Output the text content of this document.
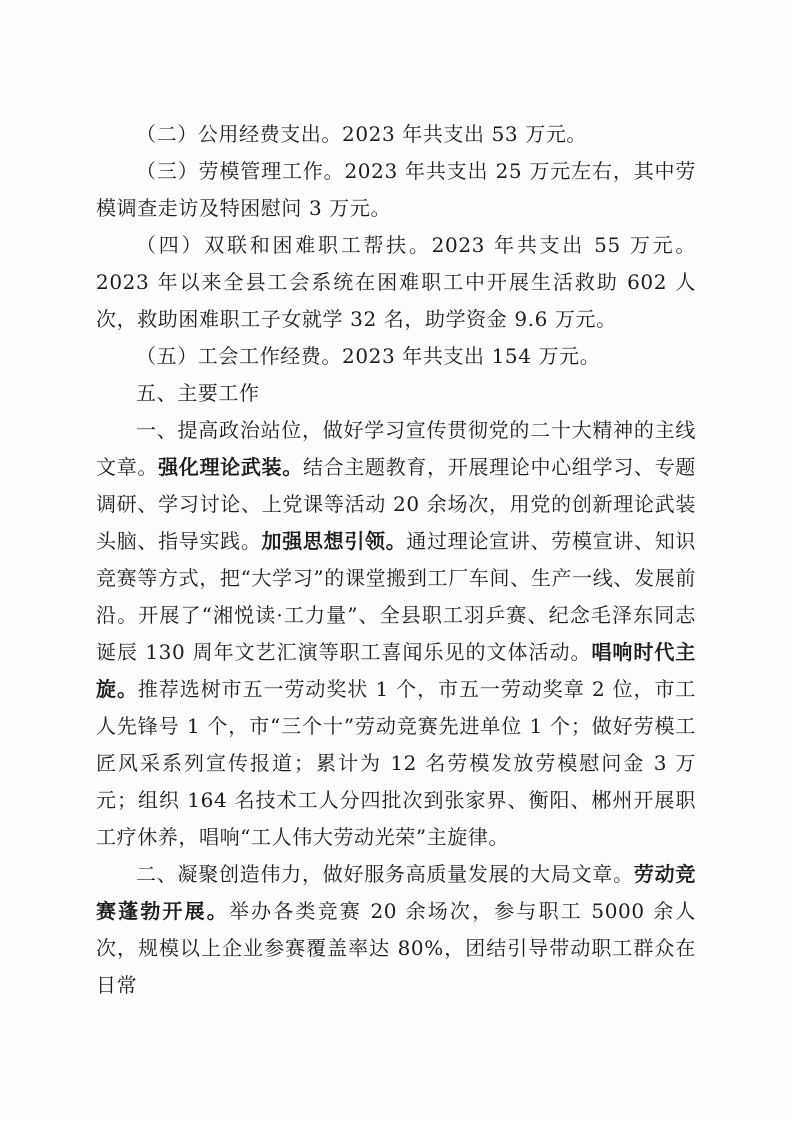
（二）公用经费支出。2023 年共支出 53 万元。

（三）劳模管理工作。2023 年共支出 25 万元左右，其中劳模调查走访及特困慰问 3 万元。

（四）双联和困难职工帮扶。2023 年共支出 55 万元。2023 年以来全县工会系统在困难职工中开展生活救助 602 人次，救助困难职工子女就学 32 名，助学资金 9.6 万元。

（五）工会工作经费。2023 年共支出 154 万元。

五、主要工作

一、提高政治站位，做好学习宣传贯彻党的二十大精神的主线文章。强化理论武装。结合主题教育，开展理论中心组学习、专题调研、学习讨论、上党课等活动 20 余场次，用党的创新理论武装头脑、指导实践。加强思想引领。通过理论宣讲、劳模宣讲、知识竞赛等方式，把“大学习”的课堂搬到工厂车间、生产一线、发展前沿。开展了“湘悦读·工力量”、全县职工羽乒赛、纪念毛泽东同志诞辰 130 周年文艺汇演等职工喜闻乐见的文体活动。唱响时代主旋。推荐选树市五一劳动奖状 1 个，市五一劳动奖章 2 位，市工人先锋号 1 个，市“三个十”劳动竞赛先进单位 1 个；做好劳模工匠风采系列宣传报道；累计为 12 名劳模发放劳模慰问金 3 万元；组织 164 名技术工人分四批次到张家界、衡阳、郴州开展职工疗休养，唱响“工人伟大劳动光荣”主旋律。

二、凝聚创造伟力，做好服务高质量发展的大局文章。劳动竞赛蓬勃开展。举办各类竞赛 20 余场次，参与职工 5000 余人次，规模以上企业参赛覆盖率达 80%，团结引导带动职工群众在日常
